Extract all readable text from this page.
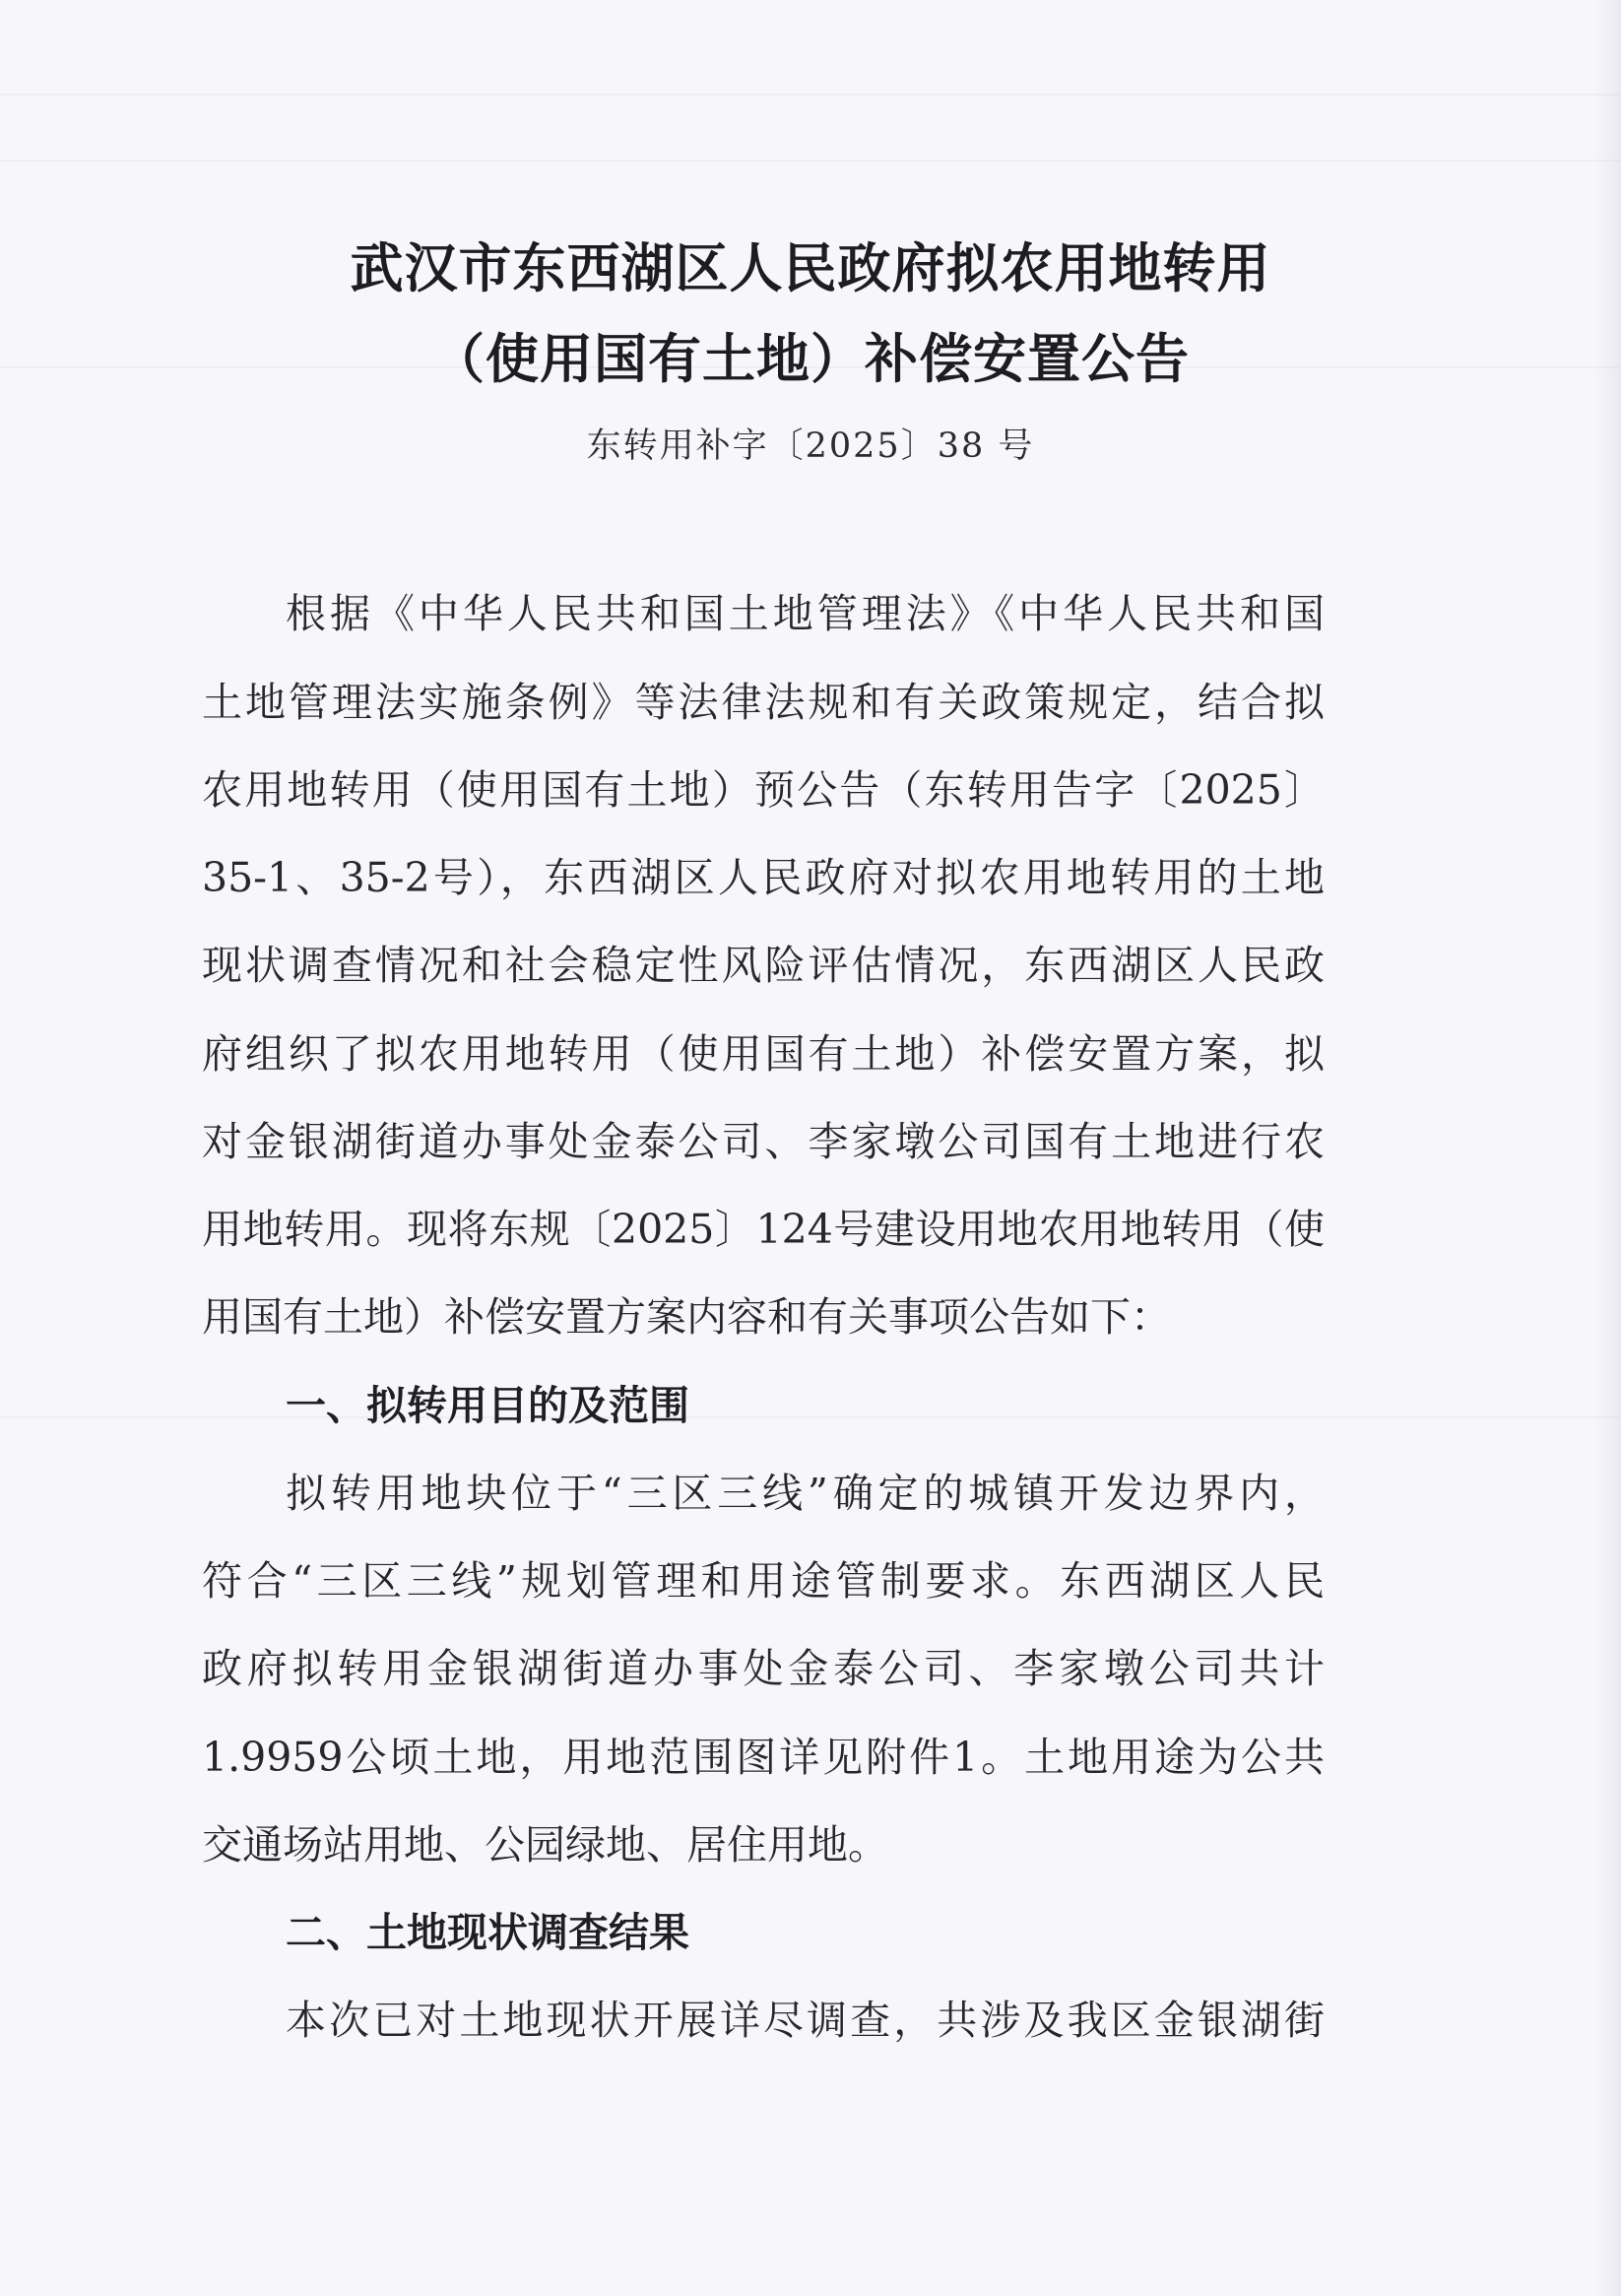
武汉市东西湖区人民政府拟农用地转用
（使用国有土地）补偿安置公告
东转用补字〔2025〕38 号
根据《中华人民共和国土地管理法》《中华人民共和国
土地管理法实施条例》等法律法规和有关政策规定，结合拟
农用地转用（使用国有土地）预公告（东转用告字〔2025〕
35-1、35-2号），东西湖区人民政府对拟农用地转用的土地
现状调查情况和社会稳定性风险评估情况，东西湖区人民政
府组织了拟农用地转用（使用国有土地）补偿安置方案，拟
对金银湖街道办事处金泰公司、李家墩公司国有土地进行农
用地转用。现将东规〔2025〕124号建设用地农用地转用（使
用国有土地）补偿安置方案内容和有关事项公告如下：
一、拟转用目的及范围
拟转用地块位于“三区三线”确定的城镇开发边界内，
符合“三区三线”规划管理和用途管制要求。东西湖区人民
政府拟转用金银湖街道办事处金泰公司、李家墩公司共计
1.9959公顷土地，用地范围图详见附件1。土地用途为公共
交通场站用地、公园绿地、居住用地。
二、土地现状调查结果
本次已对土地现状开展详尽调查，共涉及我区金银湖街
